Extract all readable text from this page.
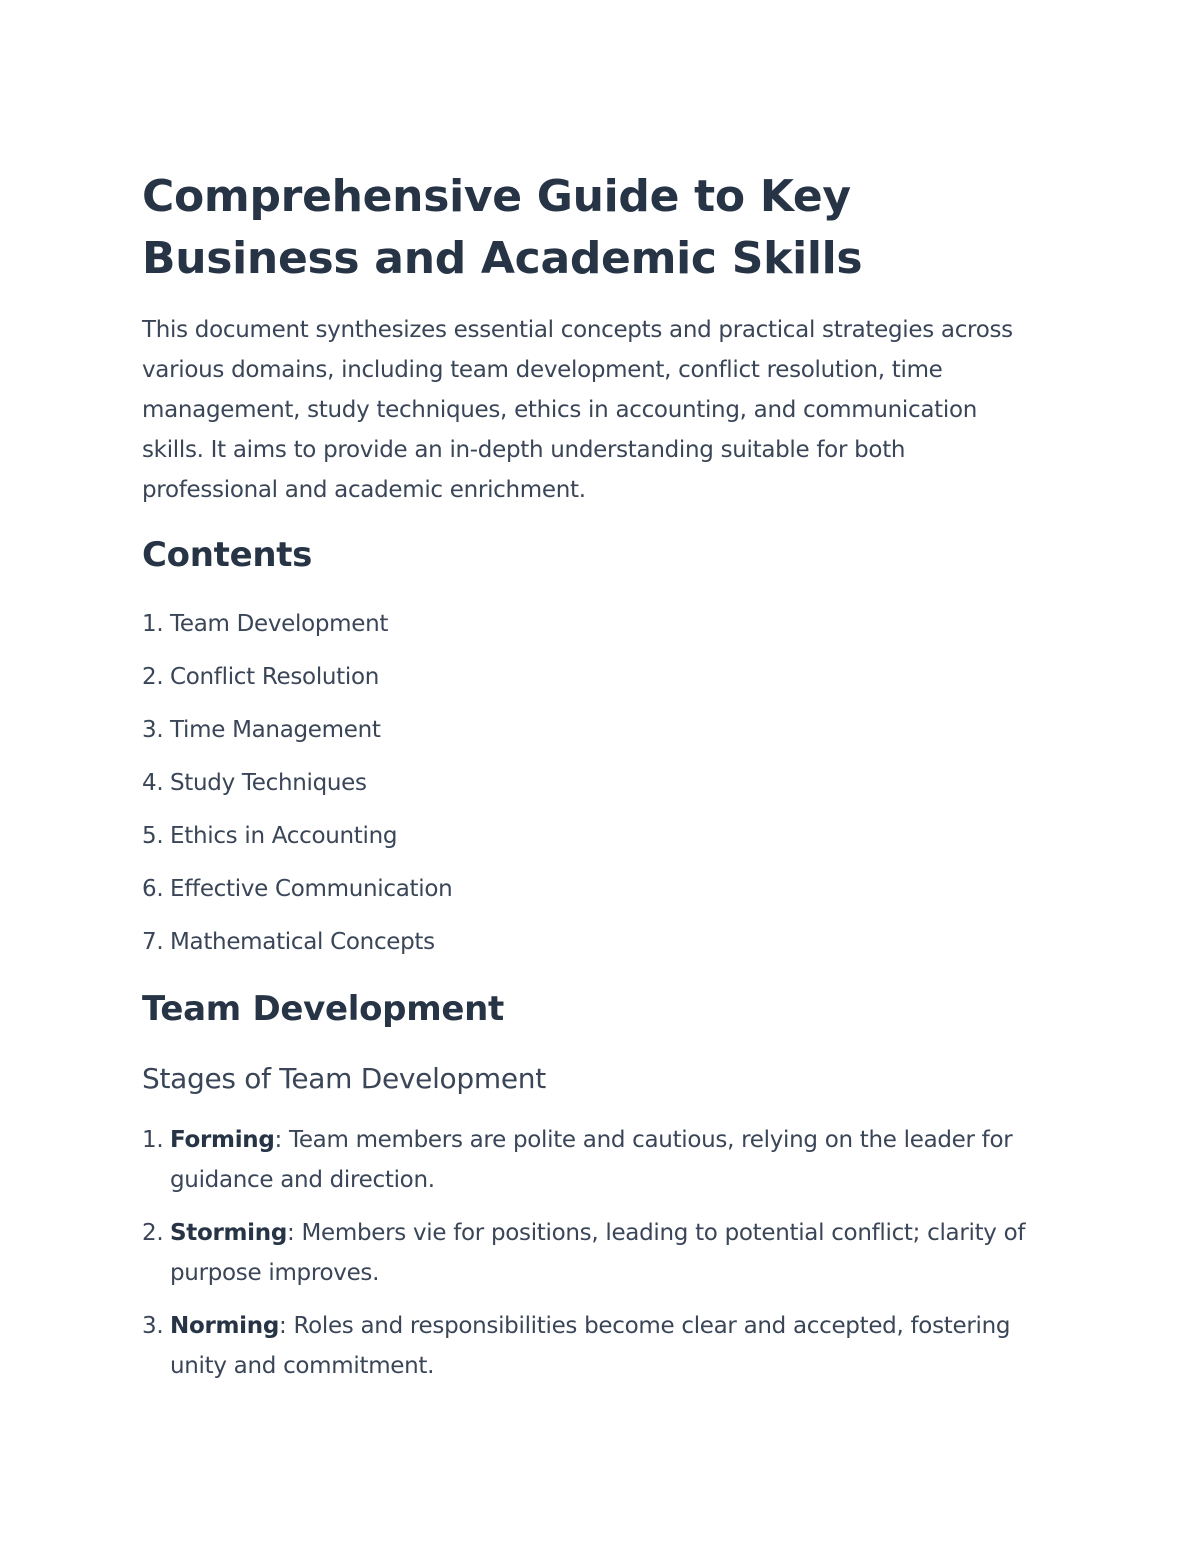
Comprehensive Guide to Key Business and Academic Skills

This document synthesizes essential concepts and practical strategies across various domains, including team development, conflict resolution, time management, study techniques, ethics in accounting, and communication skills. It aims to provide an in-depth understanding suitable for both professional and academic enrichment.

Contents
1. Team Development
2. Conflict Resolution
3. Time Management
4. Study Techniques
5. Ethics in Accounting
6. Effective Communication
7. Mathematical Concepts
Team Development
Stages of Team Development
1. Forming: Team members are polite and cautious, relying on the leader for guidance and direction.
2. Storming: Members vie for positions, leading to potential conflict; clarity of purpose improves.
3. Norming: Roles and responsibilities become clear and accepted, fostering unity and commitment.
